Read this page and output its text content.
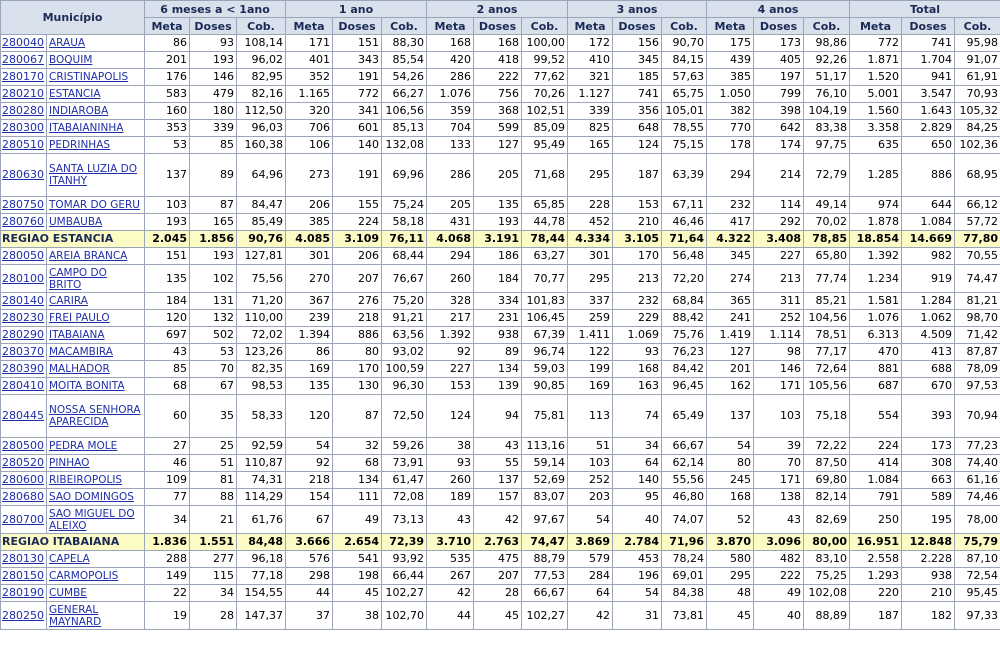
Município		6 meses a < 1ano			1 ano			2 anos			3 anos			4 anos			Total		
		Meta	Doses	Cob.	Meta	Doses	Cob.	Meta	Doses	Cob.	Meta	Doses	Cob.	Meta	Doses	Cob.	Meta	Doses	Cob.
280040	ARAUA	86	93	108,14	171	151	88,30	168	168	100,00	172	156	90,70	175	173	98,86	772	741	95,98
280067	BOQUIM	201	193	96,02	401	343	85,54	420	418	99,52	410	345	84,15	439	405	92,26	1.871	1.704	91,07
280170	CRISTINAPOLIS	176	146	82,95	352	191	54,26	286	222	77,62	321	185	57,63	385	197	51,17	1.520	941	61,91
280210	ESTANCIA	583	479	82,16	1.165	772	66,27	1.076	756	70,26	1.127	741	65,75	1.050	799	76,10	5.001	3.547	70,93
280280	INDIAROBA	160	180	112,50	320	341	106,56	359	368	102,51	339	356	105,01	382	398	104,19	1.560	1.643	105,32
280300	ITABAIANINHA	353	339	96,03	706	601	85,13	704	599	85,09	825	648	78,55	770	642	83,38	3.358	2.829	84,25
280510	PEDRINHAS	53	85	160,38	106	140	132,08	133	127	95,49	165	124	75,15	178	174	97,75	635	650	102,36
280630	SANTA LUZIA DO ITANHY	137	89	64,96	273	191	69,96	286	205	71,68	295	187	63,39	294	214	72,79	1.285	886	68,95
280750	TOMAR DO GERU	103	87	84,47	206	155	75,24	205	135	65,85	228	153	67,11	232	114	49,14	974	644	66,12
280760	UMBAUBA	193	165	85,49	385	224	58,18	431	193	44,78	452	210	46,46	417	292	70,02	1.878	1.084	57,72
REGIAO ESTANCIA		2.045	1.856	90,76	4.085	3.109	76,11	4.068	3.191	78,44	4.334	3.105	71,64	4.322	3.408	78,85	18.854	14.669	77,80
280050	AREIA BRANCA	151	193	127,81	301	206	68,44	294	186	63,27	301	170	56,48	345	227	65,80	1.392	982	70,55
280100	CAMPO DO BRITO	135	102	75,56	270	207	76,67	260	184	70,77	295	213	72,20	274	213	77,74	1.234	919	74,47
280140	CARIRA	184	131	71,20	367	276	75,20	328	334	101,83	337	232	68,84	365	311	85,21	1.581	1.284	81,21
280230	FREI PAULO	120	132	110,00	239	218	91,21	217	231	106,45	259	229	88,42	241	252	104,56	1.076	1.062	98,70
280290	ITABAIANA	697	502	72,02	1.394	886	63,56	1.392	938	67,39	1.411	1.069	75,76	1.419	1.114	78,51	6.313	4.509	71,42
280370	MACAMBIRA	43	53	123,26	86	80	93,02	92	89	96,74	122	93	76,23	127	98	77,17	470	413	87,87
280390	MALHADOR	85	70	82,35	169	170	100,59	227	134	59,03	199	168	84,42	201	146	72,64	881	688	78,09
280410	MOITA BONITA	68	67	98,53	135	130	96,30	153	139	90,85	169	163	96,45	162	171	105,56	687	670	97,53
280445	NOSSA SENHORA APARECIDA	60	35	58,33	120	87	72,50	124	94	75,81	113	74	65,49	137	103	75,18	554	393	70,94
280500	PEDRA MOLE	27	25	92,59	54	32	59,26	38	43	113,16	51	34	66,67	54	39	72,22	224	173	77,23
280520	PINHAO	46	51	110,87	92	68	73,91	93	55	59,14	103	64	62,14	80	70	87,50	414	308	74,40
280600	RIBEIROPOLIS	109	81	74,31	218	134	61,47	260	137	52,69	252	140	55,56	245	171	69,80	1.084	663	61,16
280680	SAO DOMINGOS	77	88	114,29	154	111	72,08	189	157	83,07	203	95	46,80	168	138	82,14	791	589	74,46
280700	SAO MIGUEL DO ALEIXO	34	21	61,76	67	49	73,13	43	42	97,67	54	40	74,07	52	43	82,69	250	195	78,00
REGIAO ITABAIANA		1.836	1.551	84,48	3.666	2.654	72,39	3.710	2.763	74,47	3.869	2.784	71,96	3.870	3.096	80,00	16.951	12.848	75,79
280130	CAPELA	288	277	96,18	576	541	93,92	535	475	88,79	579	453	78,24	580	482	83,10	2.558	2.228	87,10
280150	CARMOPOLIS	149	115	77,18	298	198	66,44	267	207	77,53	284	196	69,01	295	222	75,25	1.293	938	72,54
280190	CUMBE	22	34	154,55	44	45	102,27	42	28	66,67	64	54	84,38	48	49	102,08	220	210	95,45
280250	GENERAL MAYNARD	19	28	147,37	37	38	102,70	44	45	102,27	42	31	73,81	45	40	88,89	187	182	97,33
